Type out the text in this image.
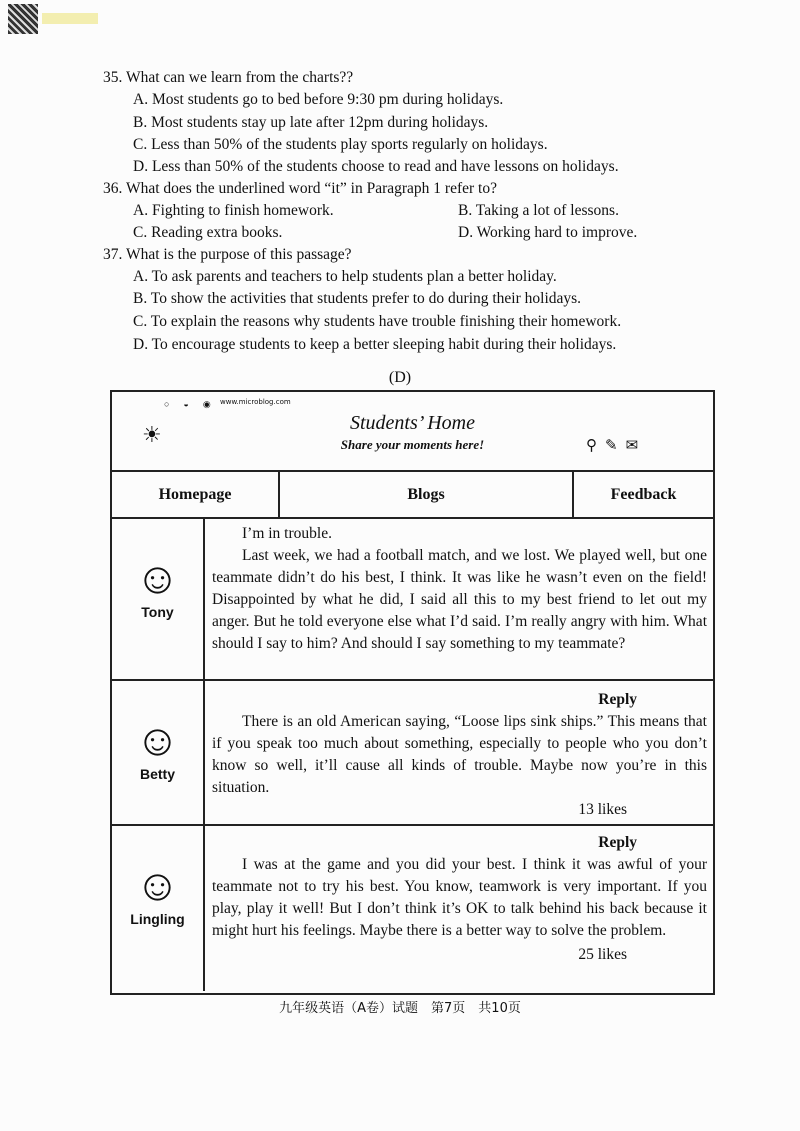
35. What can we learn from the charts??
A. Most students go to bed before 9:30 pm during holidays.
B. Most students stay up late after 12pm during holidays.
C. Less than 50% of the students play sports regularly on holidays.
D. Less than 50% of the students choose to read and have lessons on holidays.
36. What does the underlined word “it” in Paragraph 1 refer to?
A. Fighting to finish homework.	B. Taking a lot of lessons.
C. Reading extra books.	D. Working hard to improve.
37. What is the purpose of this passage?
A. To ask parents and teachers to help students plan a better holiday.
B. To show the activities that students prefer to do during their holidays.
C. To explain the reasons why students have trouble finishing their homework.
D. To encourage students to keep a better sleeping habit during their holidays.
(D)
○◒◉
www.microblog.com
☀	Students’ Home
Share your moments here!	⚲✎✉
Homepage	Blogs	Feedback
☺
Tony
I’m in trouble.
Last week, we had a football match, and we lost. We played well, but one teammate didn’t do his best, I think. It was like he wasn’t even on the field! Disappointed by what he did, I said all this to my best friend to let out my anger. But he told everyone else what I’d said. I’m really angry with him. What should I say to him? And should I say something to my teammate?
☺
Betty
Reply
There is an old American saying, “Loose lips sink ships.” This means that if you speak too much about something, especially to people who you don’t know so well, it’ll cause all kinds of trouble. Maybe now you’re in this situation.
13 likes
☺
Lingling
Reply
I was at the game and you did your best. I think it was awful of your teammate not to try his best. You know, teamwork is very important. If you play, play it well! But I don’t think it’s OK to talk behind his back because it might hurt his feelings. Maybe there is a better way to solve the problem.
25 likes
九年级英语（A卷）试题　第7页　共10页
